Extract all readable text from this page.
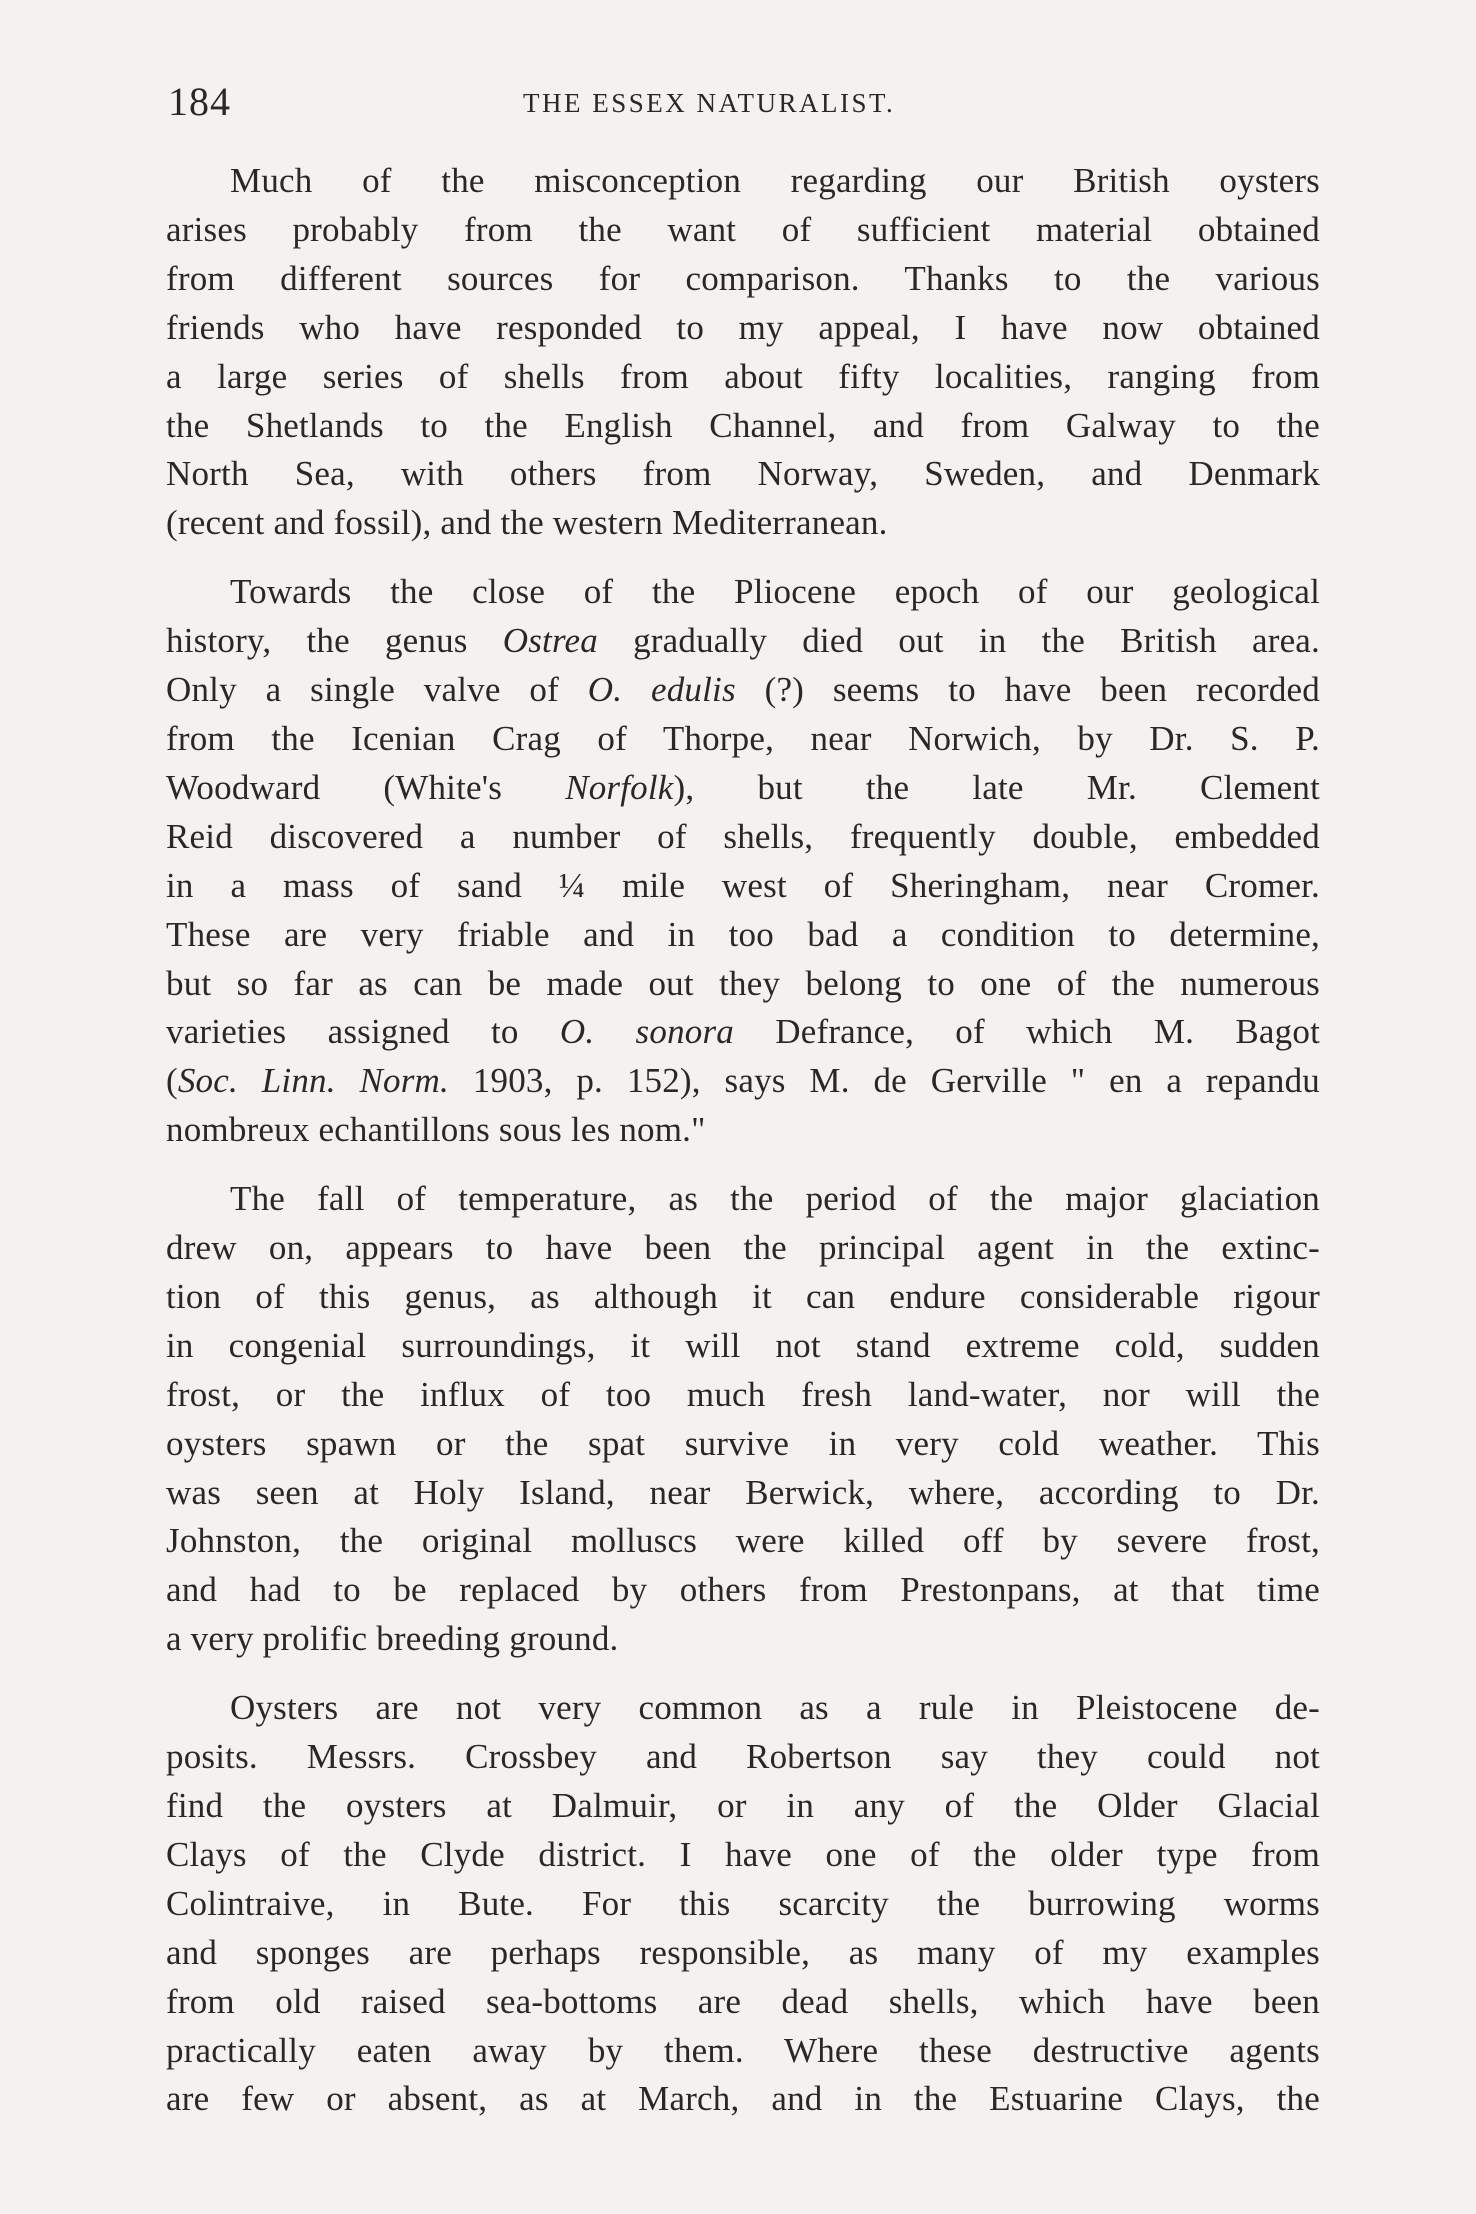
184	THE ESSEX NATURALIST.

Much of the misconception regarding our British oysters
arises probably from the want of sufficient material obtained
from different sources for comparison. Thanks to the various
friends who have responded to my appeal, I have now obtained
a large series of shells from about fifty localities, ranging from
the Shetlands to the English Channel, and from Galway to the
North Sea, with others from Norway, Sweden, and Denmark
(recent and fossil), and the western Mediterranean.

Towards the close of the Pliocene epoch of our geological
history, the genus Ostrea gradually died out in the British area.
Only a single valve of O. edulis (?) seems to have been recorded
from the Icenian Crag of Thorpe, near Norwich, by Dr. S. P.
Woodward (White's Norfolk), but the late Mr. Clement
Reid discovered a number of shells, frequently double, embedded
in a mass of sand ¼ mile west of Sheringham, near Cromer.
These are very friable and in too bad a condition to determine,
but so far as can be made out they belong to one of the numerous
varieties assigned to O. sonora Defrance, of which M. Bagot
(Soc. Linn. Norm. 1903, p. 152), says M. de Gerville " en a repandu
nombreux echantillons sous les nom."

The fall of temperature, as the period of the major glaciation
drew on, appears to have been the principal agent in the extinc-
tion of this genus, as although it can endure considerable rigour
in congenial surroundings, it will not stand extreme cold, sudden
frost, or the influx of too much fresh land-water, nor will the
oysters spawn or the spat survive in very cold weather. This
was seen at Holy Island, near Berwick, where, according to Dr.
Johnston, the original molluscs were killed off by severe frost,
and had to be replaced by others from Prestonpans, at that time
a very prolific breeding ground.

Oysters are not very common as a rule in Pleistocene de-
posits. Messrs. Crossbey and Robertson say they could not
find the oysters at Dalmuir, or in any of the Older Glacial
Clays of the Clyde district. I have one of the older type from
Colintraive, in Bute. For this scarcity the burrowing worms
and sponges are perhaps responsible, as many of my examples
from old raised sea-bottoms are dead shells, which have been
practically eaten away by them. Where these destructive agents
are few or absent, as at March, and in the Estuarine Clays, the
